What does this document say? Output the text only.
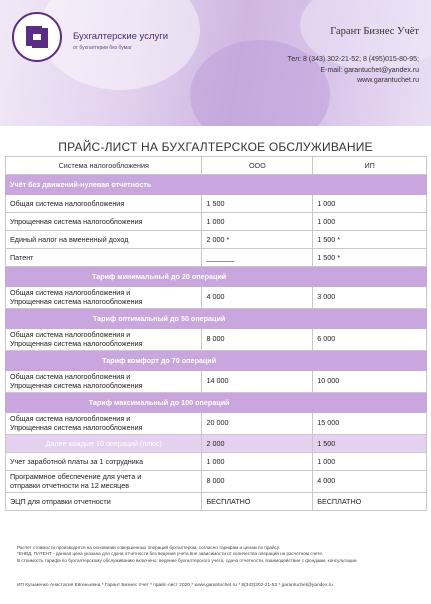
Бухгалтерские услуги
от бухгалтерии без бумаг
Гарант Бизнес Учёт
Тел: 8 (343) 302-21-52; 8 (495)015-80-95;
E-mail: garantuchet@yandex.ru
www.garantuchet.ru
ПРАЙС-ЛИСТ НА БУХГАЛТЕРСКОЕ ОБСЛУЖИВАНИЕ
Система налогообложения	ООО	ИП
Учёт без движений-нулевая отчетность		
Общая система налогообложения	1 500	1 000
Упрощенная система налогообложения	1 000	1 000
Единый налог на вмененный доход	2 000 *	1 500 *
Патент	_______	1 500 *
Тариф минимальный до 20 операций		

Общая система налогообложения и
Упрощенная система налогообложения	4 000	3 000
Тариф оптимальный до 50 операций		

Общая система налогообложения и
Упрощенная система налогообложения	8 000	6 000
Тариф комфорт до 70 операций		

Общая система налогообложения и
Упрощенная система налогообложения	14 000	10 000
Тариф максимальный до 100 операций		

Общая система налогообложения и
Упрощенная система налогообложения	20 000	15 000
Далее каждые 10 операций (плюс)	2 000	1 500
Учет заработной платы за 1 сотрудника	1 000	1 000

Программное обеспечение для учета и
отправки отчетности на 12 месяцев	8 000	4 000
ЭЦП для отправки отчетности	БЕСПЛАТНО	БЕСПЛАТНО
Расчет стоимости производится на основании совершенных операций бухгалтером, согласно тарифам и ценам по прайсу.
*ЕНВД, ПАТЕНТ - данная цена указана для сдачи отчетности без ведения учета вне зависимости от количества операций на расчетном счете.
В стоимость тарифа по бухгалтерскому обслуживанию включено: ведение бухгалтерского учета, сдача отчетности, взаимодействие с фондами, консультации.
ИП Кузьменко Анастасия Евгеньевна * Гарант Бизнес Учет * прайс-лист 2020 * www.garantuchet.ru * 8(343)302-21-52 * garantuchet@yandex.ru
